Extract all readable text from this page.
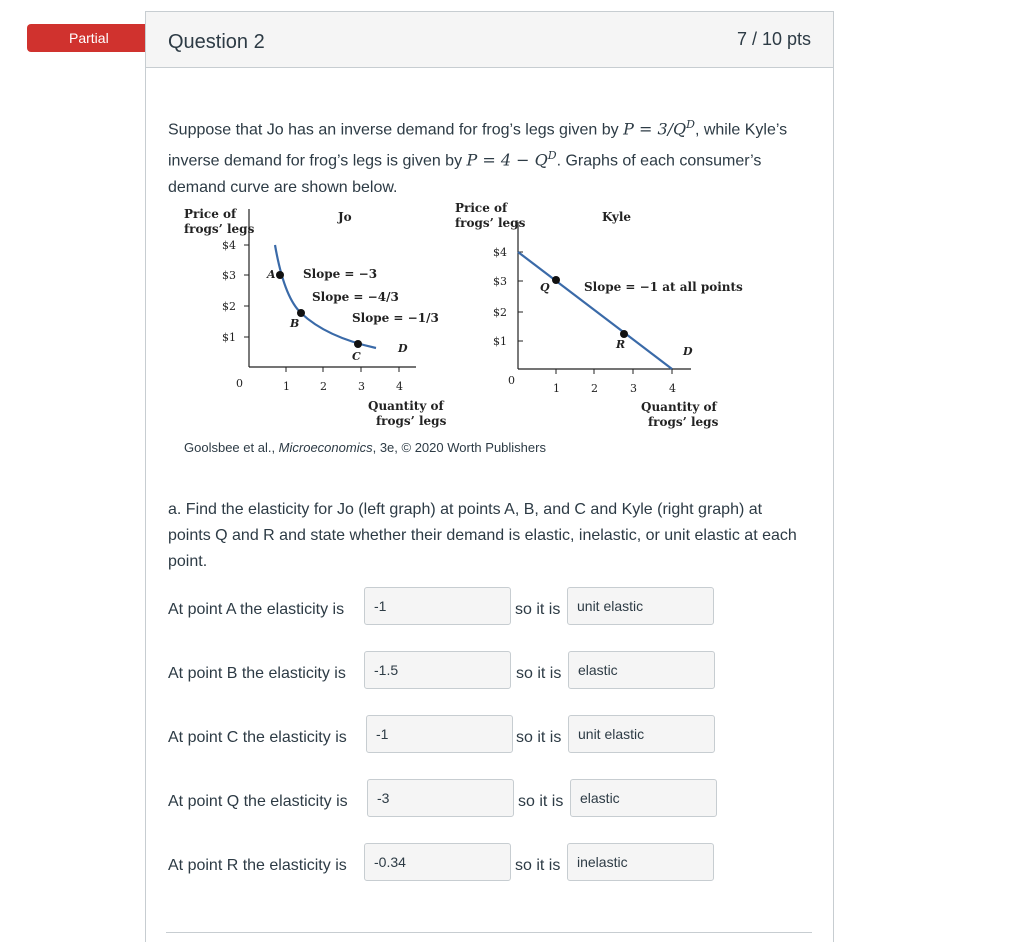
Partial	Question 2	7 / 10 pts
Suppose that Jo has an inverse demand for frog’s legs given by $P = 3/Q^D$, while Kyle’s inverse demand for frog’s legs is given by $P = 4 - Q^D$. Graphs of each consumer’s demand curve are shown below.
Price of
frogs’ legs
Jo
$4
$3
$2
$1
0	1	2	3	4
Quantity of
frogs’ legs
A
B
C
D
Slope = −3
Slope = −4/3
Slope = −1/3
Price of
frogs’ legs	Kyle
$4
$3
$2
$1
0
1	2	3	4
Quantity of
frogs’ legs
Q
R
D
Slope = −1 at all points
Goolsbee et al., Microeconomics, 3e, © 2020 Worth Publishers
a. Find the elasticity for Jo (left graph) at points A, B, and C and Kyle (right graph) at points Q and R and state whether their demand is elastic, inelastic, or unit elastic at each point.
At point A the elasticity is	-1	so it is	unit elastic
At point B the elasticity is	-1.5	so it is	elastic
At point C the elasticity is	-1	so it is	unit elastic
At point Q the elasticity is	-3	so it is	elastic
At point R the elasticity is	-0.34	so it is	inelastic
